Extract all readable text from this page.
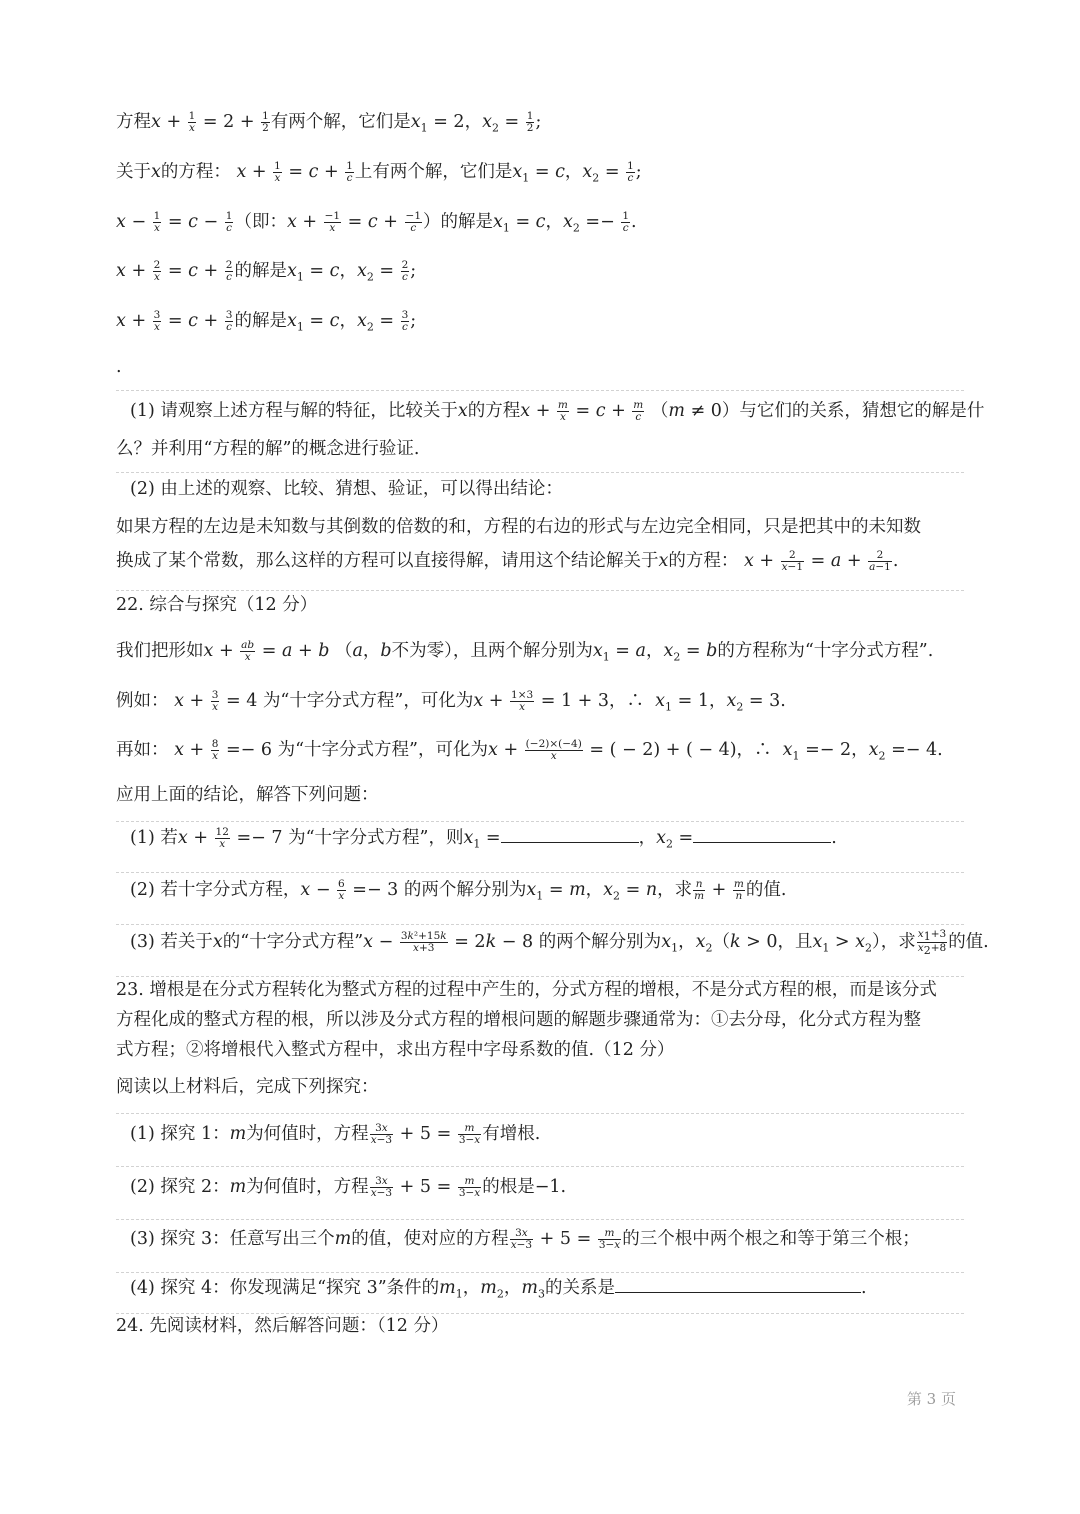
方程$x + \frac{1}{x} = 2 + \frac{1}{2}$ 有两个解，它们是$x_1 = 2$，$x_2 = \frac{1}{2}$ ;
关于x的方程： $x + \frac{1}{x} = c + \frac{1}{c}$ 上有两个解，它们是$x_1 = c$，$x_2 = \frac{1}{c}$ ;
$x - \frac{1}{x} = c - \frac{1}{c}$ （即：$x + \frac{-1}{x} = c + \frac{-1}{c}$ ）的解是$x_1 = c$，$x_2 =- \frac{1}{c}$ .
$x + \frac{2}{x} = c + \frac{2}{c}$ 的解是$x_1 = c$，$x_2 = \frac{2}{c}$ ;
$x + \frac{3}{x} = c + \frac{3}{c}$ 的解是$x_1 = c$，$x_2 = \frac{3}{c}$ ;
.
(1) 请观察上述方程与解的特征，比较关于x的方程$x + \frac{m}{x} = c + \frac{m}{c} (m \ne 0)$与它们的关系，猜想它的解是什
么？并利用“方程的解”的概念进行验证.
(2) 由上述的观察、比较、猜想、验证，可以得出结论：
如果方程的左边是未知数与其倒数的倍数的和，方程的右边的形式与左边完全相同，只是把其中的未知数
换成了某个常数，那么这样的方程可以直接得解，请用这个结论解关于x的方程： $x + \frac{2}{x-1} = a + \frac{2}{a-1}$ .
22. 综合与探究（12 分）
我们把形如$x + \frac{ab}{x} = a + b$ （a，b不为零），且两个解分别为$x_1 = a$，$x_2 = b$的方程称为“十字分式方程”.
例如： $x + \frac{3}{x} = 4$ 为“十字分式方程”，可化为$x + \frac{1\times 3}{x} = 1 + 3$，∴  $x_1 = 1$，$x_2 = 3$.
再如： $x + \frac{8}{x} =- 6$ 为“十字分式方程”，可化为$x + \frac{(-2)\times(-4)}{x}$ = ( − 2) + ( − 4)，∴  $x_1 =- 2$，$x_2 =- 4$.
应用上面的结论，解答下列问题：
(1) 若$x + \frac{12}{x} =- 7$ 为“十字分式方程”，则$x_1$ =	，$x_2$ =	.
(2) 若十字分式方程，$x - \frac{6}{x} =- 3$ 的两个解分别为$x_1 = m$，$x_2 = n$，求 $\frac{n}{m} + \frac{m}{n}$ 的值.
(3) 若关于x的“十字分式方程”x − $\frac{\text{3k²+15k}}{x+3} = 2k - 8$ 的两个解分别为$x_1$，$x_2(k > 0$，且$x_1 > x_2$），求 $\frac{x_1+3}{x_2+8}$ 的值.
23. 增根是在分式方程转化为整式方程的过程中产生的，分式方程的增根，不是分式方程的根，而是该分式
方程化成的整式方程的根，所以涉及分式方程的增根问题的解题步骤通常为：①去分母，化分式方程为整
式方程；②将增根代入整式方程中，求出方程中字母系数的值.（12 分）
阅读以上材料后，完成下列探究：
(1) 探究 1：m为何值时，方程 $\frac{3x}{x-3} + 5 = \frac{m}{3-x}$ 有增根.
(2) 探究 2：m为何值时，方程 $\frac{3x}{x-3} + 5 = \frac{m}{3-x}$ 的根是−1.
(3) 探究 3：任意写出三个m的值，使对应的方程 $\frac{3x}{x-3} + 5 = \frac{m}{3-x}$ 的三个根中两个根之和等于第三个根；
(4) 探究 4：你发现满足“探究 3”条件的$m_1$，$m_2$，$m_3$的关系是	.
24. 先阅读材料，然后解答问题：（12 分）
第 3 页
